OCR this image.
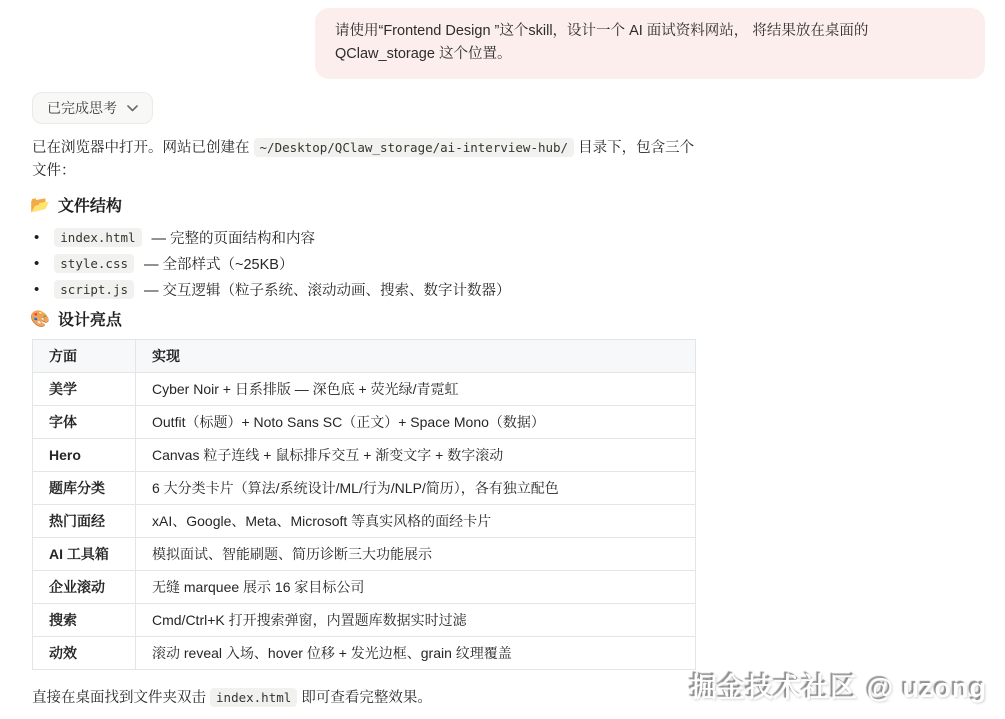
请使用“Frontend Design ”这个skill，设计一个 AI 面试资料网站， 将结果放在桌面的 QClaw_storage 这个位置。
已完成思考

已在浏览器中打开。网站已创建在 ~/Desktop/QClaw_storage/ai-interview-hub/ 目录下，包含三个文件：

📂 文件结构
•	index.html	— 完整的页面结构和内容
•	style.css	— 全部样式（~25KB）
•	script.js	— 交互逻辑（粒子系统、滚动动画、搜索、数字计数器）
🎨 设计亮点
方面	实现
美学	Cyber Noir + 日系排版 — 深色底 + 荧光绿/青霓虹
字体	Outfit（标题）+ Noto Sans SC（正文）+ Space Mono（数据）
Hero	Canvas 粒子连线 + 鼠标排斥交互 + 渐变文字 + 数字滚动
题库分类	6 大分类卡片（算法/系统设计/ML/行为/NLP/简历），各有独立配色
热门面经	xAI、Google、Meta、Microsoft 等真实风格的面经卡片
AI 工具箱	模拟面试、智能刷题、简历诊断三大功能展示
企业滚动	无缝 marquee 展示 16 家目标公司
搜索	Cmd/Ctrl+K 打开搜索弹窗，内置题库数据实时过滤
动效	滚动 reveal 入场、hover 位移 + 发光边框、grain 纹理覆盖

直接在桌面找到文件夹双击 index.html 即可查看完整效果。	掘金技术社区 @ uzong
